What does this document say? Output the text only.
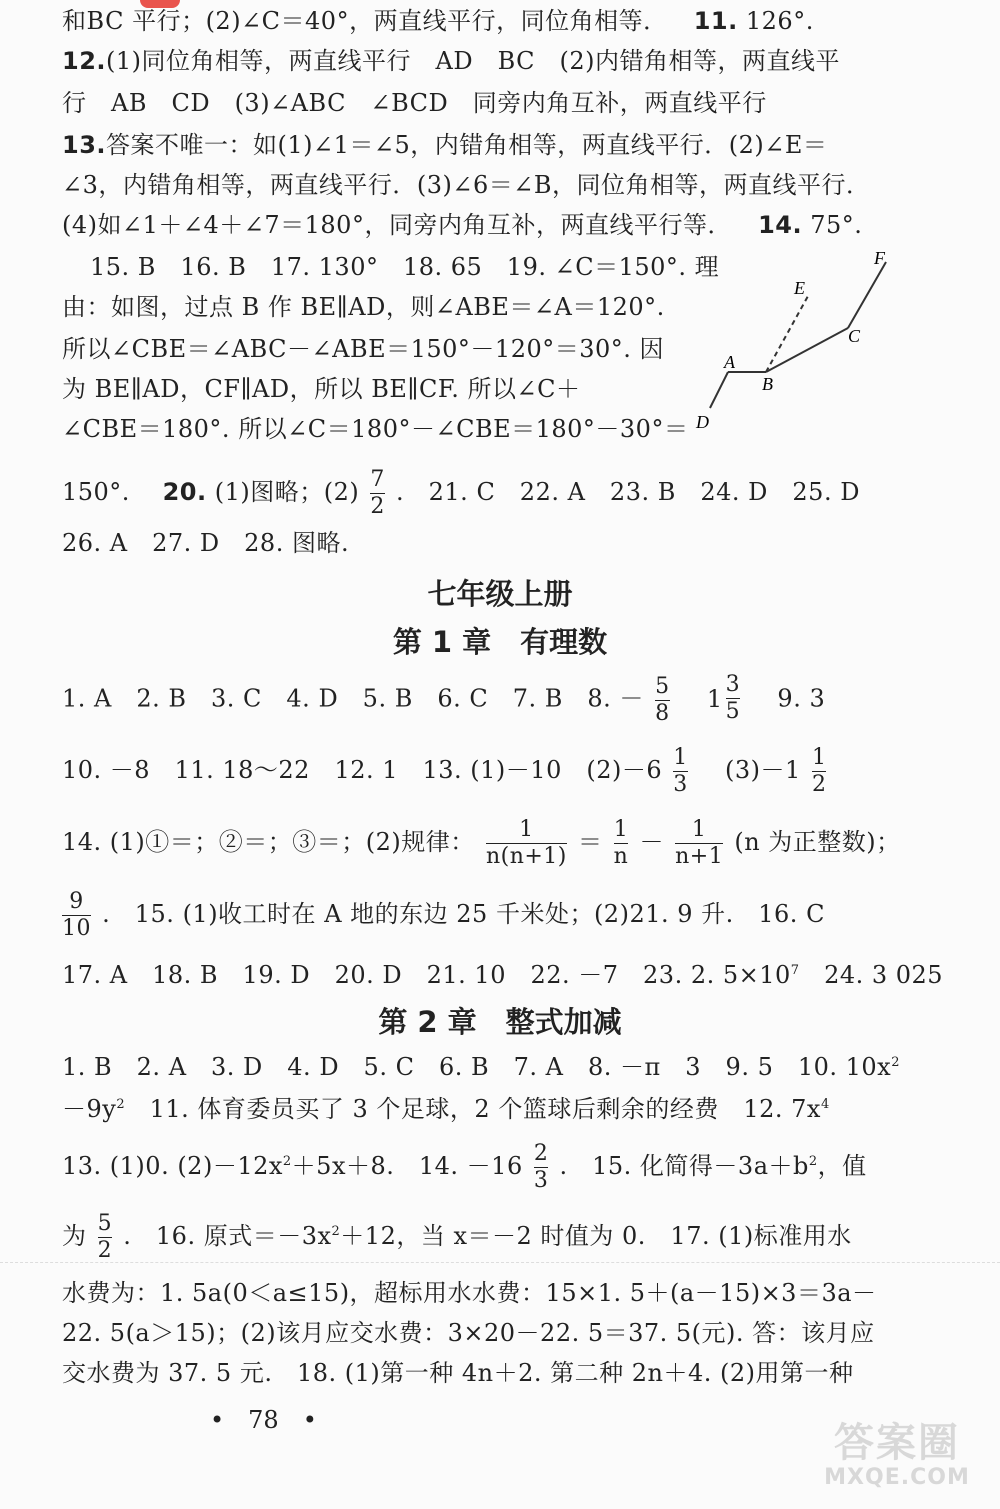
和BC 平行；(2)∠C＝40°，两直线平行，同位角相等． 11. 126°.
12.(1)同位角相等，两直线平行　AD　BC　(2)内错角相等，两直线平
行　AB　CD　(3)∠ABC　∠BCD　同旁内角互补，两直线平行
13.答案不唯一：如(1)∠1＝∠5，内错角相等，两直线平行．(2)∠E＝
∠3，内错角相等，两直线平行．(3)∠6＝∠B，同位角相等，两直线平行．
(4)如∠1＋∠4＋∠7＝180°，同旁内角互补，两直线平行等． 14. 75°.
15. B　16. B　17. 130°　18. 65　19. ∠C＝150°. 理
由：如图，过点 B 作 BE∥AD，则∠ABE＝∠A＝120°.
所以∠CBE＝∠ABC－∠ABE＝150°－120°＝30°. 因
为 BE∥AD，CF∥AD，所以 BE∥CF. 所以∠C＋
∠CBE＝180°. 所以∠C＝180°－∠CBE＝180°－30°＝ D
A
B
C
E
F
150°.　 20. (1)图略；$(2) \frac{7}{2}$ .　21. C　22. A　23. B　24. D　25. D
26. A　27. D　28. 图略.
七年级上册
第 1 章　有理数
1. A　2. B　3. C　4. D　5. B　6. C　7. B　8. － $\frac{5}{8}$
$1 \frac{3}{5} 9$. 3
10. －8　11. 18～22　12. 1　13. (1)－10　$(2)-6 \frac{1}{3} (3)-1 \frac{1}{2}$
14. (1)①＝；②＝；③＝；(2)规律： $\frac{1}{n(n+1)} = \frac{1}{n} - \frac{1}{n+1} (n$ 为正整数)；
$\frac{9}{10}$ .　15. (1)收工时在 A 地的东边 25 千米处；(2)21. 9 升.　16. C
17. A　18. B　19. D　20. D　21. 10　22. －7　23. 2. $5\times 10^7$　24. 3 025
第 2 章　整式加减
1. B　2. A　3. D　4. D　5. C　6. B　7. A　8. －π　3　9. 5　10. $10x^2$
$-9y^2$　11. 体育委员买了 3 个足球，2 个篮球后剩余的经费　12. $7x^4$
13. (1)0. $(2)-12x^2+5x+8$.　14. $-16 \frac{2}{3}$ .　15. 化简得$-3a+b^2$，值
为 $\frac{5}{2}$ .　16. 原式$=-3x^2+12$，当 x＝－2 时值为 0.　17. (1)标准用水
水费为：1. 5a(0＜a≤15)，超标用水水费：15×1. 5＋(a－15)×3＝3a－
22. 5(a＞15)；(2)该月应交水费：3×20－22. 5＝37. 5(元). 答：该月应
交水费为 37. 5 元.　18. (1)第一种 4n＋2. 第二种 2n＋4. (2)用第一种
•　78　•	答案圈
MXQE.COM
